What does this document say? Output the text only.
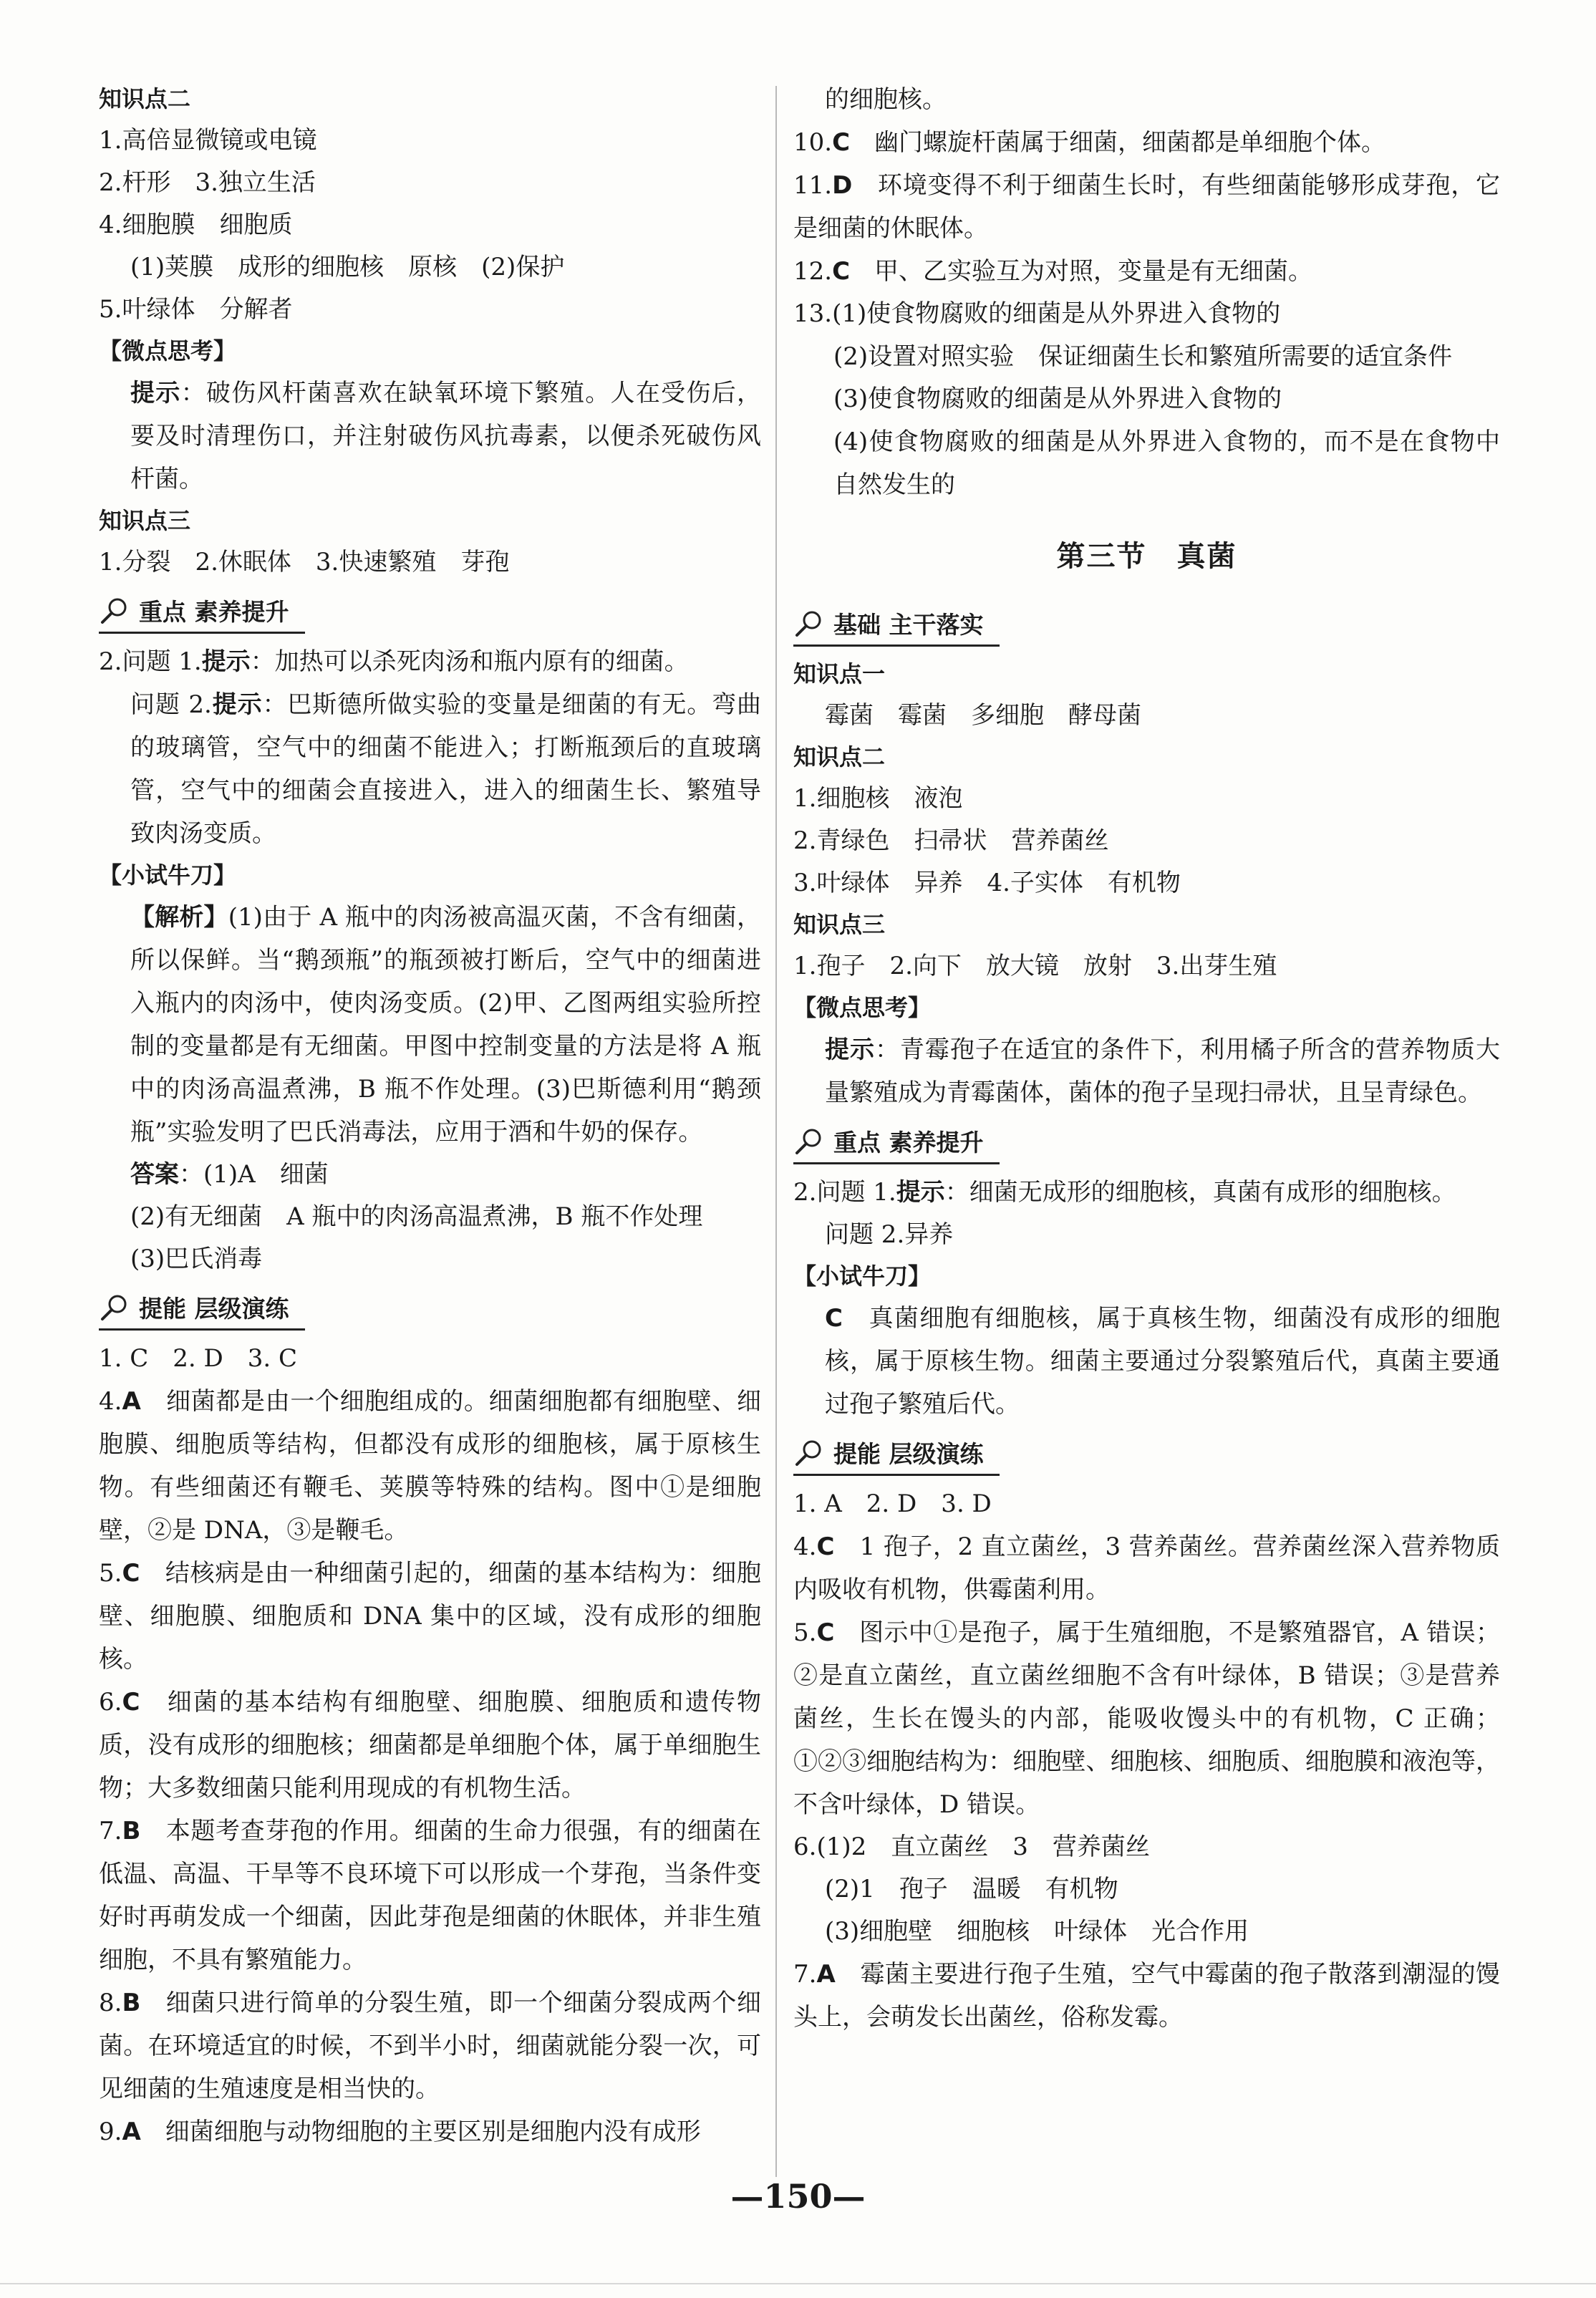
知识点二

1.高倍显微镜或电镜

2.杆形　3.独立生活

4.细胞膜　细胞质

(1)荚膜　成形的细胞核　原核　(2)保护

5.叶绿体　分解者

【微点思考】

提示：破伤风杆菌喜欢在缺氧环境下繁殖。人在受伤后，要及时清理伤口，并注射破伤风抗毒素，以便杀死破伤风杆菌。

知识点三

1.分裂　2.休眠体　3.快速繁殖　芽孢

重点 素养提升

2.问题 1.提示：加热可以杀死肉汤和瓶内原有的细菌。

问题 2.提示：巴斯德所做实验的变量是细菌的有无。弯曲的玻璃管，空气中的细菌不能进入；打断瓶颈后的直玻璃管，空气中的细菌会直接进入，进入的细菌生长、繁殖导致肉汤变质。

【小试牛刀】

【解析】(1)由于 A 瓶中的肉汤被高温灭菌，不含有细菌，所以保鲜。当“鹅颈瓶”的瓶颈被打断后，空气中的细菌进入瓶内的肉汤中，使肉汤变质。(2)甲、乙图两组实验所控制的变量都是有无细菌。甲图中控制变量的方法是将 A 瓶中的肉汤高温煮沸，B 瓶不作处理。(3)巴斯德利用“鹅颈瓶”实验发明了巴氏消毒法，应用于酒和牛奶的保存。

答案：(1)A　细菌

(2)有无细菌　A 瓶中的肉汤高温煮沸，B 瓶不作处理

(3)巴氏消毒

提能 层级演练

1. C　2. D　3. C

4.A　 细菌都是由一个细胞组成的。细菌细胞都有细胞壁、细胞膜、细胞质等结构，但都没有成形的细胞核，属于原核生物。有些细菌还有鞭毛、荚膜等特殊的结构。图中①是细胞壁，②是 DNA，③是鞭毛。

5.C　 结核病是由一种细菌引起的，细菌的基本结构为：细胞壁、细胞膜、细胞质和 DNA 集中的区域，没有成形的细胞核。

6.C　 细菌的基本结构有细胞壁、细胞膜、细胞质和遗传物质，没有成形的细胞核；细菌都是单细胞个体，属于单细胞生物；大多数细菌只能利用现成的有机物生活。

7.B　 本题考查芽孢的作用。细菌的生命力很强，有的细菌在低温、高温、干旱等不良环境下可以形成一个芽孢，当条件变好时再萌发成一个细菌，因此芽孢是细菌的休眠体，并非生殖细胞，不具有繁殖能力。

8.B　 细菌只进行简单的分裂生殖，即一个细菌分裂成两个细菌。在环境适宜的时候，不到半小时，细菌就能分裂一次，可见细菌的生殖速度是相当快的。

9.A　 细菌细胞与动物细胞的主要区别是细胞内没有成形

的细胞核。

10.C　 幽门螺旋杆菌属于细菌，细菌都是单细胞个体。

11.D　 环境变得不利于细菌生长时，有些细菌能够形成芽孢，它是细菌的休眠体。

12.C　 甲、乙实验互为对照，变量是有无细菌。

13.(1)使食物腐败的细菌是从外界进入食物的

(2)设置对照实验　保证细菌生长和繁殖所需要的适宜条件

(3)使食物腐败的细菌是从外界进入食物的

(4)使食物腐败的细菌是从外界进入食物的，而不是在食物中自然发生的

第三节　真菌

基础 主干落实

知识点一

霉菌　霉菌　多细胞　酵母菌

知识点二

1.细胞核　液泡

2.青绿色　扫帚状　营养菌丝

3.叶绿体　异养　4.子实体　有机物

知识点三

1.孢子　2.向下　放大镜　放射　3.出芽生殖

【微点思考】

提示：青霉孢子在适宜的条件下，利用橘子所含的营养物质大量繁殖成为青霉菌体，菌体的孢子呈现扫帚状，且呈青绿色。

重点 素养提升

2.问题 1.提示：细菌无成形的细胞核，真菌有成形的细胞核。

问题 2.异养

【小试牛刀】

C　 真菌细胞有细胞核，属于真核生物，细菌没有成形的细胞核，属于原核生物。细菌主要通过分裂繁殖后代，真菌主要通过孢子繁殖后代。

提能 层级演练

1. A　2. D　3. D

4.C　 1 孢子，2 直立菌丝，3 营养菌丝。营养菌丝深入营养物质内吸收有机物，供霉菌利用。

5.C　 图示中①是孢子，属于生殖细胞，不是繁殖器官，A 错误；②是直立菌丝，直立菌丝细胞不含有叶绿体，B 错误；③是营养菌丝，生长在馒头的内部，能吸收馒头中的有机物，C 正确；①②③细胞结构为：细胞壁、细胞核、细胞质、细胞膜和液泡等，不含叶绿体，D 错误。

6.(1)2　直立菌丝　3　营养菌丝

(2)1　孢子　温暖　有机物

(3)细胞壁　细胞核　叶绿体　光合作用

7.A　 霉菌主要进行孢子生殖，空气中霉菌的孢子散落到潮湿的馒头上，会萌发长出菌丝，俗称发霉。

—150—
